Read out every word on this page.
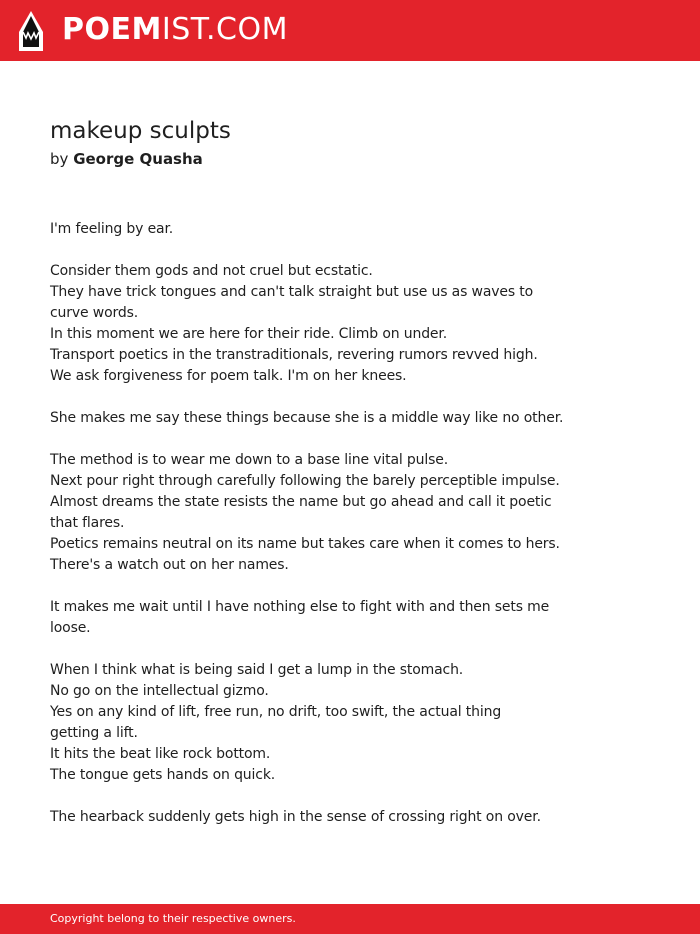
POEMIST.COM
makeup sculpts
by George Quasha
I'm feeling by ear.
Consider them gods and not cruel but ecstatic.
They have trick tongues and can't talk straight but use us as waves to
curve words.
In this moment we are here for their ride. Climb on under.
Transport poetics in the transtraditionals, revering rumors revved high.
We ask forgiveness for poem talk. I'm on her knees.
She makes me say these things because she is a middle way like no other.
The method is to wear me down to a base line vital pulse.
Next pour right through carefully following the barely perceptible impulse.
Almost dreams the state resists the name but go ahead and call it poetic
that flares.
Poetics remains neutral on its name but takes care when it comes to hers.
There's a watch out on her names.
It makes me wait until I have nothing else to fight with and then sets me
loose.
When I think what is being said I get a lump in the stomach.
No go on the intellectual gizmo.
Yes on any kind of lift, free run, no drift, too swift, the actual thing
getting a lift.
It hits the beat like rock bottom.
The tongue gets hands on quick.
The hearback suddenly gets high in the sense of crossing right on over.
Copyright belong to their respective owners.
